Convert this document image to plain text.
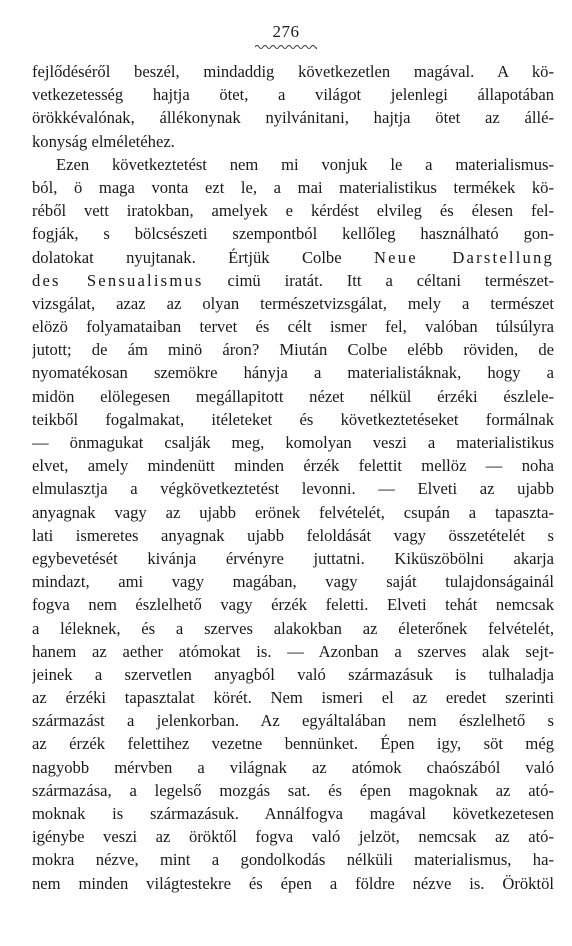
276
fejlődéséről beszél, mindaddig következetlen magával. A kö-
vetkezetesség hajtja ötet, a világot jelenlegi állapotában
örökkévalónak, állékonynak nyilvánitani, hajtja ötet az állé-
konyság elméletéhez.
Ezen következtetést nem mi vonjuk le a materialismus-
ból, ö maga vonta ezt le, a mai materialistikus termékek kö-
réből vett iratokban, amelyek e kérdést elvileg és élesen fel-
fogják, s bölcsészeti szempontból kellőleg használható gon-
dolatokat nyujtanak. Értjük Colbe Neue Darstellung
des Sensualismus cimü iratát. Itt a céltani természet-
vizsgálat, azaz az olyan természetvizsgálat, mely a természet
elözö folyamataiban tervet és célt ismer fel, valóban túlsúlyra
jutott; de ám minö áron? Miután Colbe elébb röviden, de
nyomatékosan szemökre hányja a materialistáknak, hogy a
midön elölegesen megállapitott nézet nélkül érzéki észlele-
teikből fogalmakat, itéleteket és következtetéseket formálnak
— önmagukat csalják meg, komolyan veszi a materialistikus
elvet, amely mindenütt minden érzék felettit mellöz — noha
elmulasztja a végkövetkeztetést levonni. — Elveti az ujabb
anyagnak vagy az ujabb erönek felvételét, csupán a tapaszta-
lati ismeretes anyagnak ujabb feloldását vagy összetételét s
egybevetését kivánja érvényre juttatni. Kiküszöbölni akarja
mindazt, ami vagy magában, vagy saját tulajdonságainál
fogva nem észlelhető vagy érzék feletti. Elveti tehát nemcsak
a léleknek, és a szerves alakokban az életerőnek felvételét,
hanem az aether atómokat is. — Azonban a szerves alak sejt-
jeinek a szervetlen anyagból való származásuk is tulhaladja
az érzéki tapasztalat körét. Nem ismeri el az eredet szerinti
származást a jelenkorban. Az egyáltalában nem észlelhető s
az érzék felettihez vezetne bennünket. Épen igy, söt még
nagyobb mérvben a világnak az atómok chaószából való
származása, a legelső mozgás sat. és épen magoknak az ató-
moknak is származásuk. Annálfogva magával következetesen
igénybe veszi az öröktől fogva való jelzöt, nemcsak az ató-
mokra nézve, mint a gondolkodás nélküli materialismus, ha-
nem minden világtestekre és épen a földre nézve is. Öröktöl
